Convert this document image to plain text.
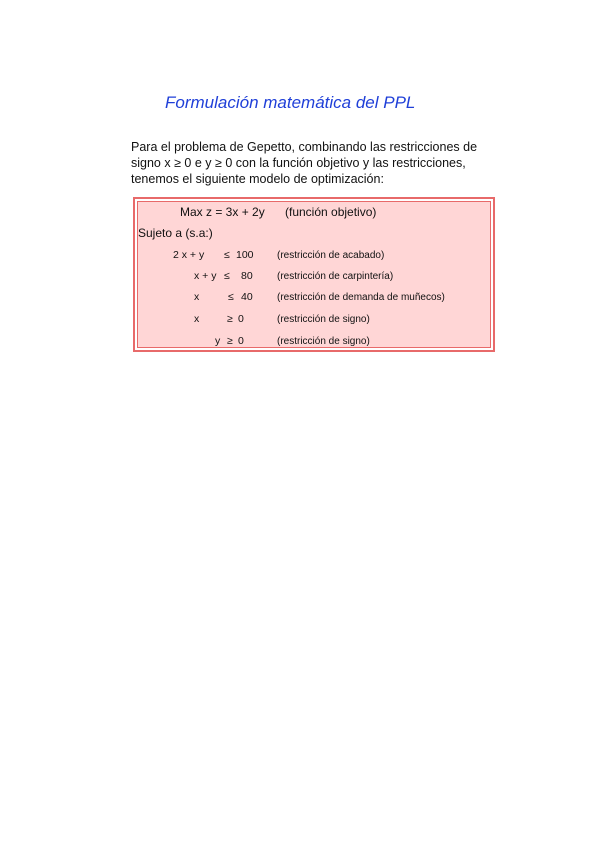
Formulación matemática del PPL
Para el problema de Gepetto, combinando las restricciones de
signo x ≥ 0 e y ≥ 0 con la función objetivo y las restricciones,
tenemos el siguiente modelo de optimización:
Max z = 3x + 2y (función objetivo)
Sujeto a (s.a:)
2 x + y ≤ 100 (restricción de acabado)
x + y ≤ 80 (restricción de carpintería)
x	≤ 40 (restricción de demanda de muñecos)
x	≥ 0	(restricción de signo)
y ≥ 0	(restricción de signo)
